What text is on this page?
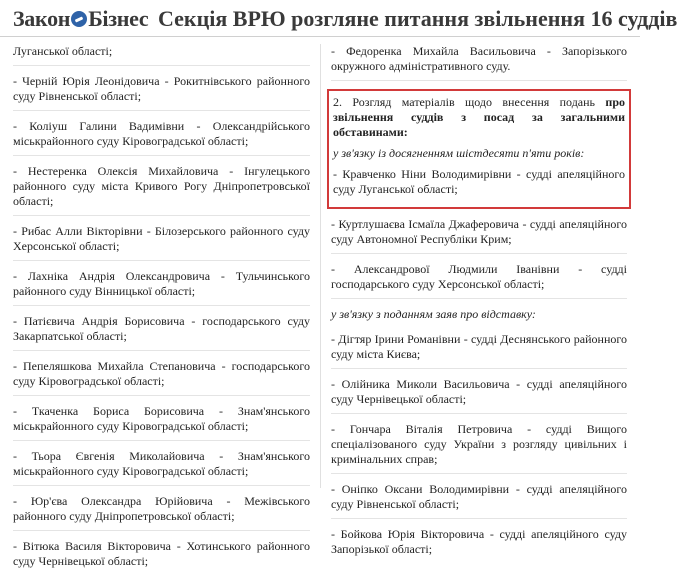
Закон Бізнес Секція ВРЮ розгляне питання звільнення 16 суддів
Луганської області;
- Черній Юрія Леонідовича - Рокитнівського районного суду Рівненської області;
- Коліуш Галини Вадимівни - Олександрійського міськрайонного суду Кіровоградської області;
- Нестеренка Олексія Михайловича - Інгулецького районного суду міста Кривого Рогу Дніпропетровської області;
- Рибас Алли Вікторівни - Білозерського районного суду Херсонської області;
- Лахніка Андрія Олександровича - Тульчинського районного суду Вінницької області;
- Патієвича Андрія Борисовича - господарського суду Закарпатської області;
- Пепеляшкова Михайла Степановича - господарського суду Кіровоградської області;
- Ткаченка Бориса Борисовича - Знам'янського міськрайонного суду Кіровоградської області;
- Тьора Євгенія Миколайовича - Знам'янського міськрайонного суду Кіровоградської області;
- Юр'єва Олександра Юрійовича - Межівського районного суду Дніпропетровської області;
- Вітюка Василя Вікторовича - Хотинського районного суду Чернівецької області;
- Федоренка Михайла Васильовича - Запорізького окружного адміністративного суду.
2. Розгляд матеріалів щодо внесення подань про звільнення суддів з посад за загальними обставинами:
у зв'язку із досягненням шістдесяти п'яти років:
- Кравченко Ніни Володимирівни - судді апеляційного суду Луганської області;
- Куртлушаєва Ісмаїла Джаферовича - судді апеляційного суду Автономної Республіки Крим;
- Александрової Людмили Іванівни - судді господарського суду Херсонської області;
у зв'язку з поданням заяв про відставку:
- Дігтяр Ірини Романівни - судді Деснянського районного суду міста Києва;
- Олійника Миколи Васильовича - судді апеляційного суду Чернівецької області;
- Гончара Віталія Петровича - судді Вищого спеціалізованого суду України з розгляду цивільних і кримінальних справ;
- Оніпко Оксани Володимирівни - судді апеляційного суду Рівненської області;
- Бойкова Юрія Вікторовича - судді апеляційного суду Запорізької області;
